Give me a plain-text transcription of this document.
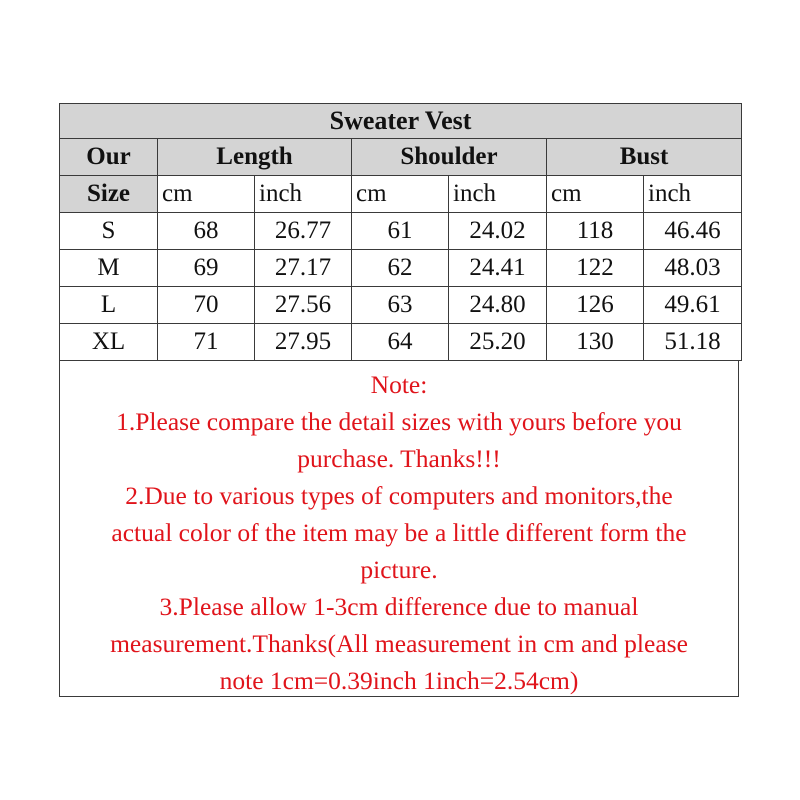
Sweater Vest						
Our	Length		Shoulder		Bust	
Size	cm	inch	cm	inch	cm	inch
S	68	26.77	61	24.02	118	46.46
M	69	27.17	62	24.41	122	48.03
L	70	27.56	63	24.80	126	49.61
XL	71	27.95	64	25.20	130	51.18
Note:
1.Please compare the detail sizes with yours before you
purchase. Thanks!!!
2.Due to various types of computers and monitors,the
actual color of the item may be a little different form the
picture.
3.Please allow 1-3cm difference due to manual
measurement.Thanks(All measurement in cm and please
note 1cm=0.39inch 1inch=2.54cm)
